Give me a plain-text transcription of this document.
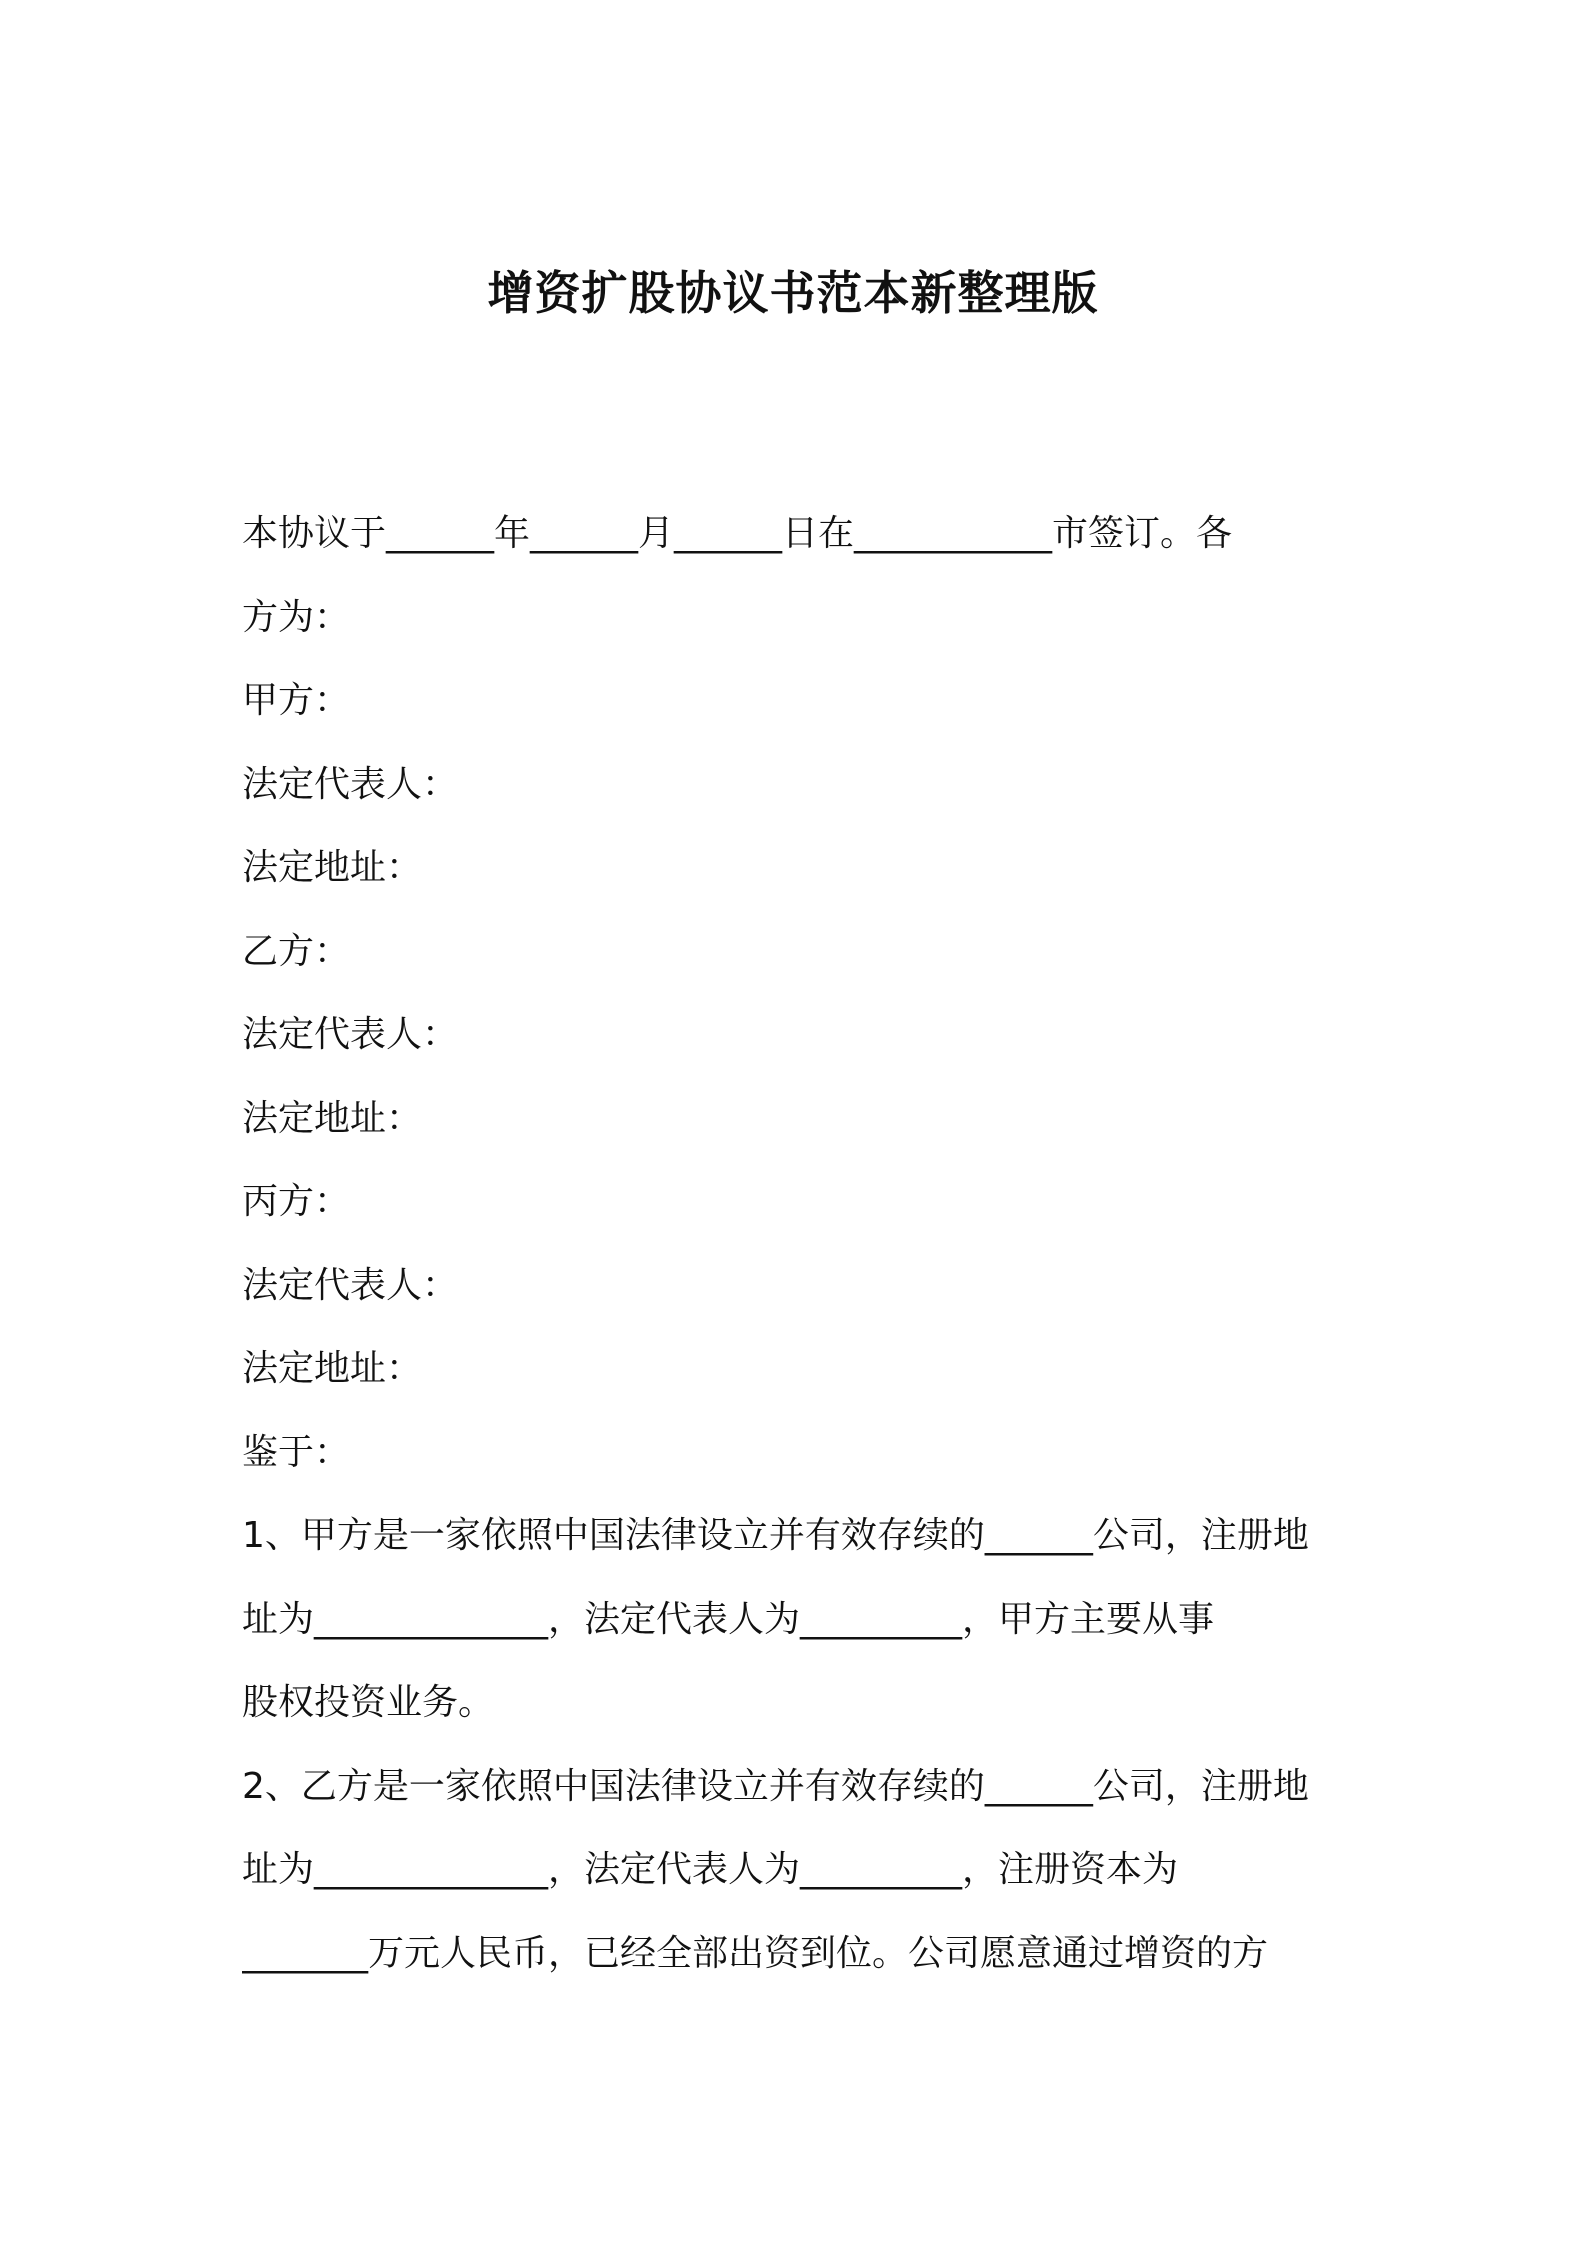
增资扩股协议书范本新整理版
本协议于______年______月______日在___________市签订。各
方为：
甲方：
法定代表人：
法定地址：
乙方：
法定代表人：
法定地址：
丙方：
法定代表人：
法定地址：
鉴于：
1、甲方是一家依照中国法律设立并有效存续的______公司，注册地
址为_____________，法定代表人为_________，甲方主要从事
股权投资业务。
2、乙方是一家依照中国法律设立并有效存续的______公司，注册地
址为_____________，法定代表人为_________，注册资本为
_______万元人民币，已经全部出资到位。公司愿意通过增资的方
